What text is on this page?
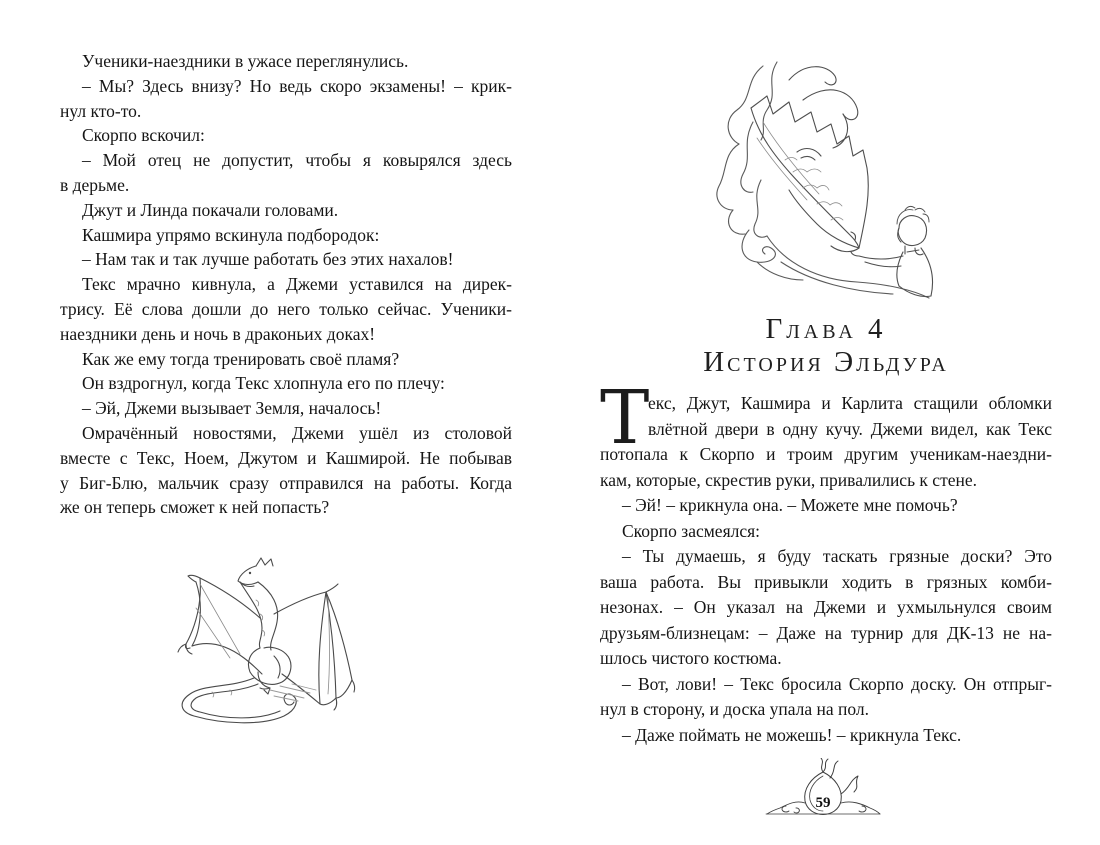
Ученики-наездники в ужасе переглянулись.
– Мы? Здесь внизу? Но ведь скоро экзамены! – крик-
нул кто-то.
Скорпо вскочил:
– Мой отец не допустит, чтобы я ковырялся здесь
в дерьме.
Джут и Линда покачали головами.
Кашмира упрямо вскинула подбородок:
– Нам так и так лучше работать без этих нахалов!
Текс мрачно кивнула, а Джеми уставился на дирек-
трису. Её слова дошли до него только сейчас. Ученики-
наездники день и ночь в драконьих доках!
Как же ему тогда тренировать своё пламя?
Он вздрогнул, когда Текс хлопнула его по плечу:
– Эй, Джеми вызывает Земля, началось!
Омрачённый новостями, Джеми ушёл из столовой
вместе с Текс, Ноем, Джутом и Кашмирой. Не побывав
у Биг-Блю, мальчик сразу отправился на работы. Когда
же он теперь сможет к ней попасть?
Глава 4
История Эльдура
Т
екс, Джут, Кашмира и Карлита стащили обломки
влётной двери в одну кучу. Джеми видел, как Текс
потопала к Скорпо и троим другим ученикам-наездни-
кам, которые, скрестив руки, привалились к стене.
– Эй! – крикнула она. – Можете мне помочь?
Скорпо засмеялся:
– Ты думаешь, я буду таскать грязные доски? Это
ваша работа. Вы привыкли ходить в грязных комби-
незонах. – Он указал на Джеми и ухмыльнулся своим
друзьям-близнецам: – Даже на турнир для ДК-13 не на-
шлось чистого костюма.
– Вот, лови! – Текс бросила Скорпо доску. Он отпрыг-
нул в сторону, и доска упала на пол.
– Даже поймать не можешь! – крикнула Текс.
59
